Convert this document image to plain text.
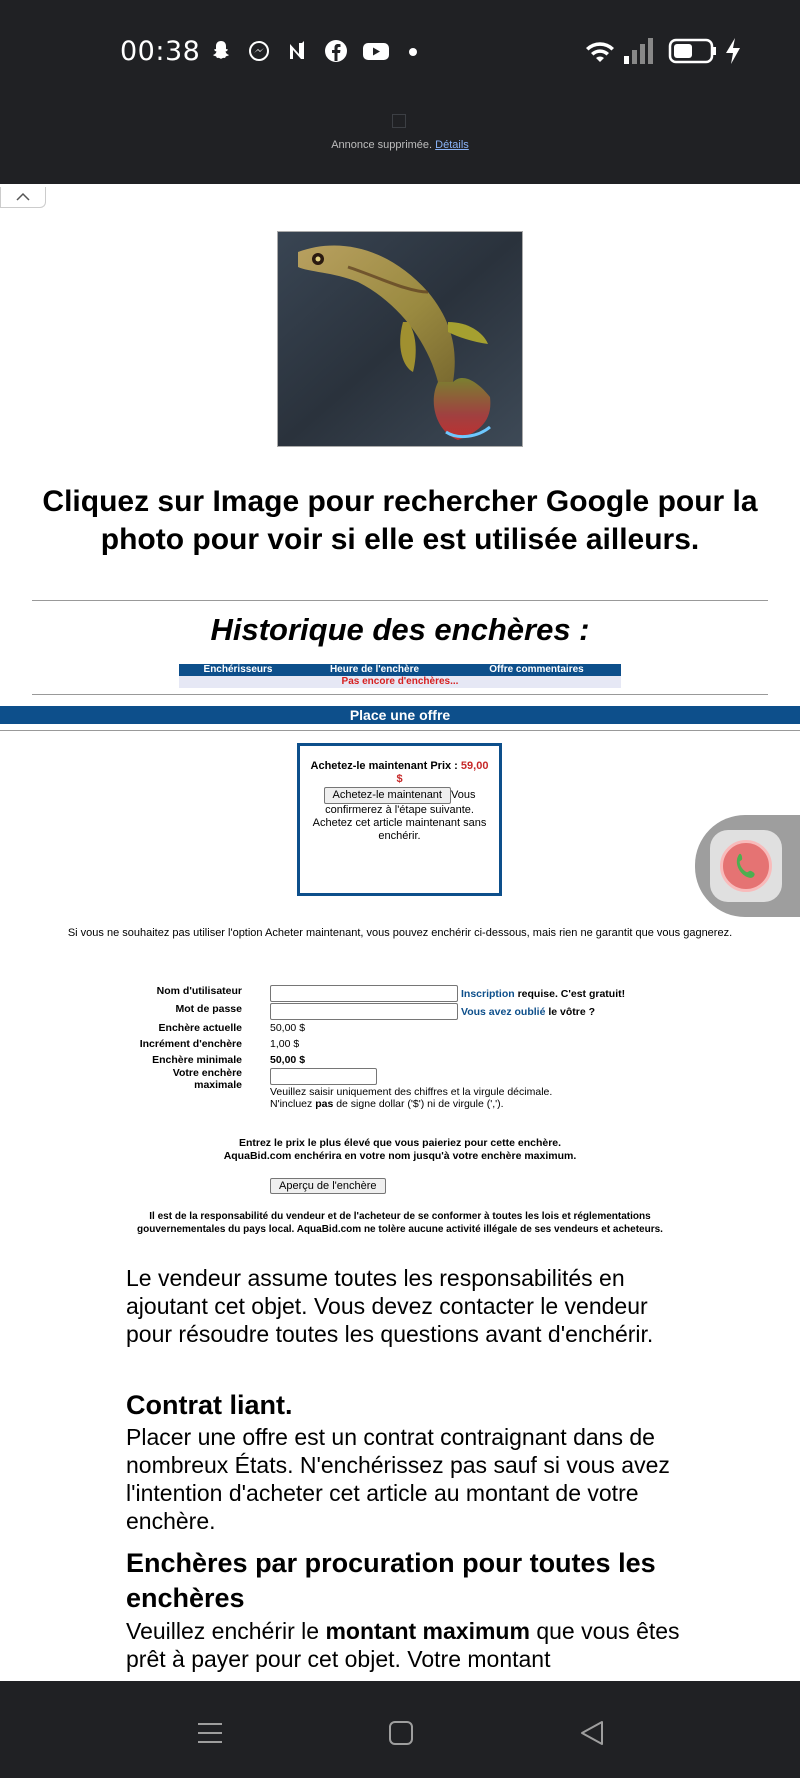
00:38
Annonce supprimée. Détails
Cliquez sur Image pour rechercher Google pour la photo pour voir si elle est utilisée ailleurs.
Historique des enchères :
Enchérisseurs	Heure de l'enchère	Offre commentaires
Pas encore d'enchères...
Place une offre
Achetez-le maintenant Prix : 59,00 $
Achetez-le maintenant Vous confirmerez à l'étape suivante. Achetez cet article maintenant sans enchérir.
Si vous ne souhaitez pas utiliser l'option Acheter maintenant, vous pouvez enchérir ci-dessous, mais rien ne garantit que vous gagnerez.
Nom d'utilisateur	Inscription requise. C'est gratuit!
Mot de passe	Vous avez oublié le vôtre ?
Enchère actuelle	50,00 $
Incrément d'enchère	1,00 $
Enchère minimale	50,00 $
Votre enchère
maximale
Veuillez saisir uniquement des chiffres et la virgule décimale.
N'incluez pas de signe dollar ('$') ni de virgule (',').
Entrez le prix le plus élevé que vous paieriez pour cette enchère.
AquaBid.com enchérira en votre nom jusqu'à votre enchère maximum.
Aperçu de l'enchère
Il est de la responsabilité du vendeur et de l'acheteur de se conformer à toutes les lois et réglementations
gouvernementales du pays local. AquaBid.com ne tolère aucune activité illégale de ses vendeurs et acheteurs.
Le vendeur assume toutes les responsabilités en ajoutant cet objet. Vous devez contacter le vendeur pour résoudre toutes les questions avant d'enchérir.
Contrat liant.
Placer une offre est un contrat contraignant dans de nombreux États. N'enchérissez pas sauf si vous avez l'intention d'acheter cet article au montant de votre enchère.
Enchères par procuration pour toutes les enchères
Veuillez enchérir le montant maximum que vous êtes prêt à payer pour cet objet. Votre montant
